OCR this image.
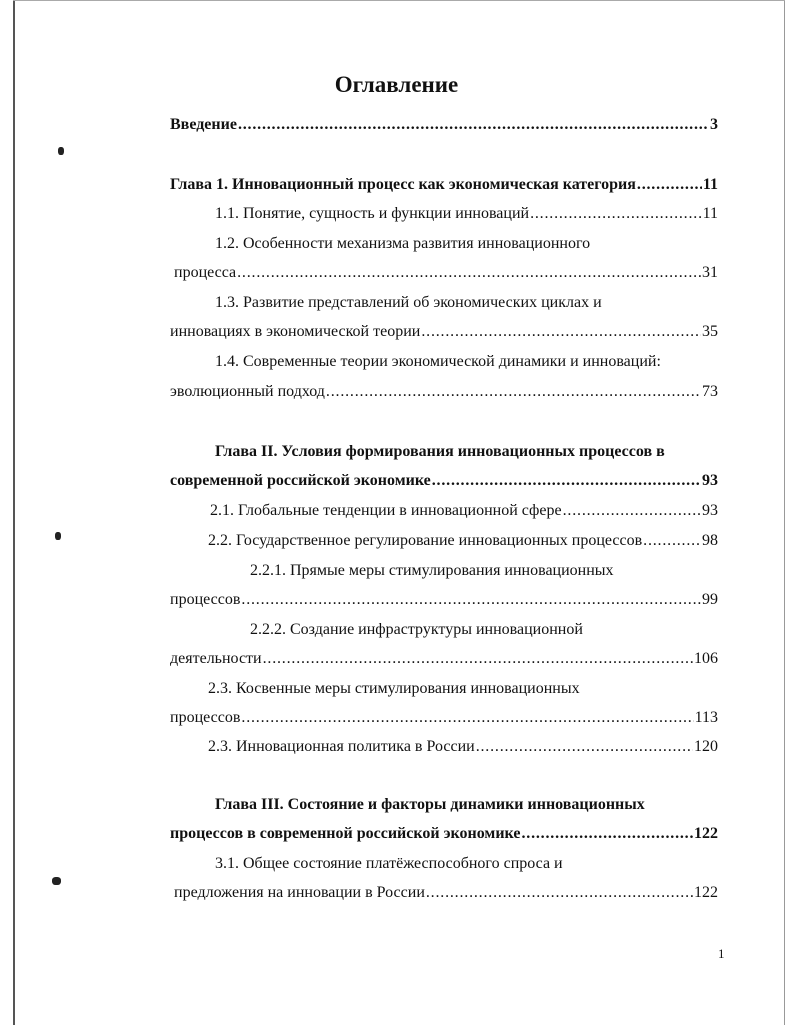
Оглавление
Введение . . .	3
Глава 1. Инновационный процесс как экономическая категория . . .	11
1.1. Понятие, сущность и функции инноваций . . .	11
1.2. Особенности механизма развития инновационного
процесса . . .	31
1.3. Развитие представлений об экономических циклах и
инновациях в экономической теории . . .	35
1.4. Современные теории экономической динамики и инноваций:
эволюционный подход . . .	73
Глава II. Условия формирования инновационных процессов в
современной российской экономике . . .	93
2.1. Глобальные тенденции в инновационной сфере . . .	93
2.2. Государственное регулирование инновационных процессов . . .	98
2.2.1. Прямые меры стимулирования инновационных
процессов . . .	99
2.2.2. Создание инфраструктуры инновационной
деятельности . . .	106
2.3. Косвенные меры стимулирования инновационных
процессов . . .	113
2.3. Инновационная политика в России . . .	120
Глава III. Состояние и факторы динамики инновационных
процессов в современной российской экономике . . .	122
3.1. Общее состояние платёжеспособного спроса и
предложения на инновации в России . . .	122
1
